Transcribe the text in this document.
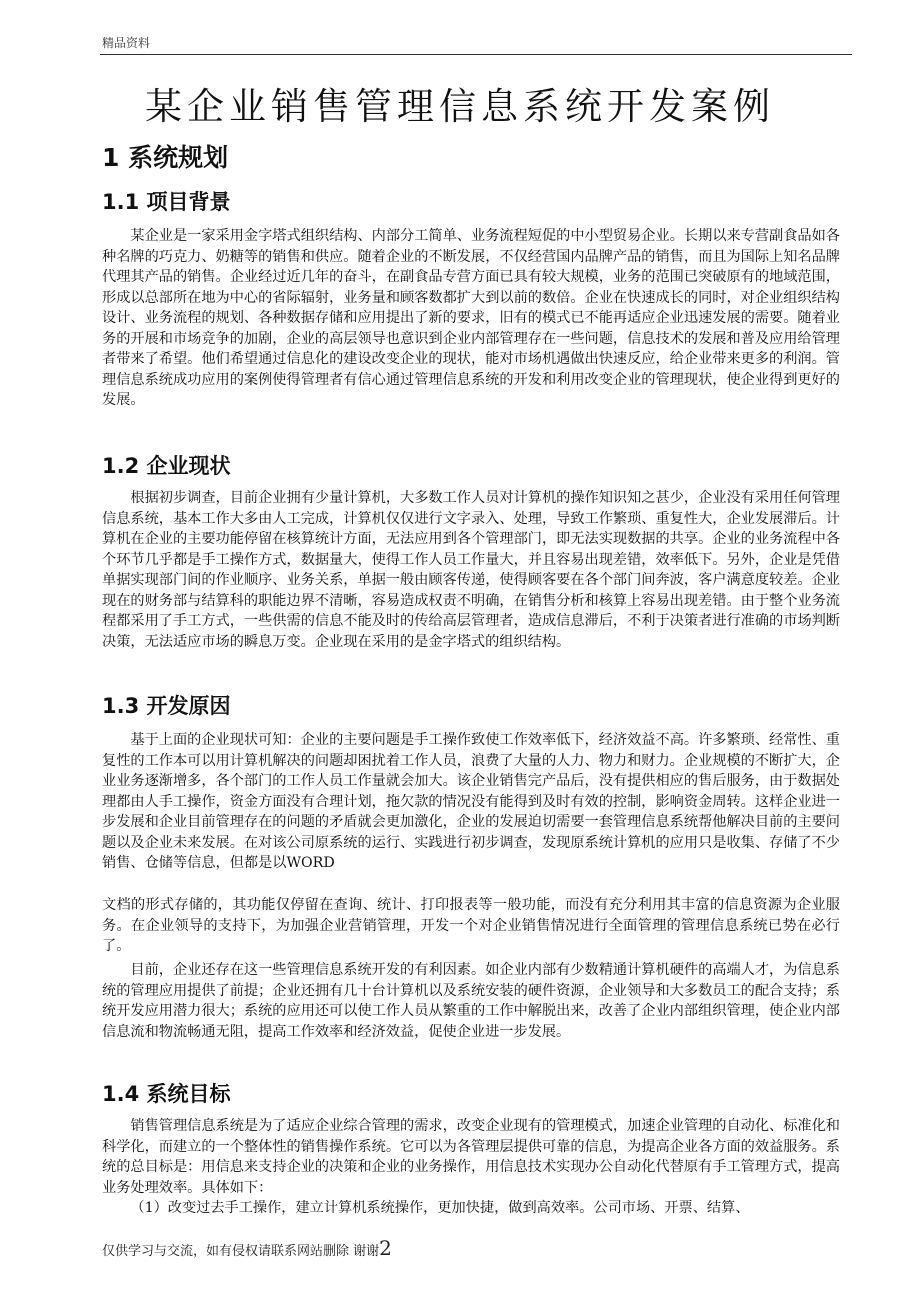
精品资料
某企业销售管理信息系统开发案例
1 系统规划
1.1 项目背景

某企业是一家采用金字塔式组织结构、内部分工简单、业务流程短促的中小型贸易企业。长期以来专营副食品如各种名牌的巧克力、奶糖等的销售和供应。随着企业的不断发展，不仅经营国内品牌产品的销售，而且为国际上知名品牌代理其产品的销售。企业经过近几年的奋斗，在副食品专营方面已具有较大规模，业务的范围已突破原有的地域范围，形成以总部所在地为中心的省际辐射，业务量和顾客数都扩大到以前的数倍。企业在快速成长的同时，对企业组织结构设计、业务流程的规划、各种数据存储和应用提出了新的要求，旧有的模式已不能再适应企业迅速发展的需要。随着业务的开展和市场竞争的加剧，企业的高层领导也意识到企业内部管理存在一些问题，信息技术的发展和普及应用给管理者带来了希望。他们希望通过信息化的建设改变企业的现状，能对市场机遇做出快速反应，给企业带来更多的利润。管理信息系统成功应用的案例使得管理者有信心通过管理信息系统的开发和利用改变企业的管理现状，使企业得到更好的发展。

1.2 企业现状

根据初步调查，目前企业拥有少量计算机，大多数工作人员对计算机的操作知识知之甚少，企业没有采用任何管理信息系统，基本工作大多由人工完成，计算机仅仅进行文字录入、处理，导致工作繁琐、重复性大，企业发展滞后。计算机在企业的主要功能停留在核算统计方面，无法应用到各个管理部门，即无法实现数据的共享。企业的业务流程中各个环节几乎都是手工操作方式，数据量大，使得工作人员工作量大，并且容易出现差错，效率低下。另外，企业是凭借单据实现部门间的作业顺序、业务关系，单据一般由顾客传递，使得顾客要在各个部门间奔波，客户满意度较差。企业现在的财务部与结算科的职能边界不清晰，容易造成权责不明确，在销售分析和核算上容易出现差错。由于整个业务流程都采用了手工方式，一些供需的信息不能及时的传给高层管理者，造成信息滞后，不利于决策者进行准确的市场判断决策，无法适应市场的瞬息万变。企业现在采用的是金字塔式的组织结构。

1.3 开发原因

基于上面的企业现状可知：企业的主要问题是手工操作致使工作效率低下，经济效益不高。许多繁琐、经常性、重复性的工作本可以用计算机解决的问题却困扰着工作人员，浪费了大量的人力、物力和财力。企业规模的不断扩大，企业业务逐渐增多，各个部门的工作人员工作量就会加大。该企业销售完产品后，没有提供相应的售后服务，由于数据处理都由人手工操作，资金方面没有合理计划，拖欠款的情况没有能得到及时有效的控制，影响资金周转。这样企业进一步发展和企业目前管理存在的问题的矛盾就会更加激化，企业的发展迫切需要一套管理信息系统帮他解决目前的主要问题以及企业未来发展。在对该公司原系统的运行、实践进行初步调查，发现原系统计算机的应用只是收集、存储了不少销售、仓储等信息，但都是以WORD

文档的形式存储的，其功能仅停留在查询、统计、打印报表等一般功能，而没有充分利用其丰富的信息资源为企业服务。在企业领导的支持下，为加强企业营销管理，开发一个对企业销售情况进行全面管理的管理信息系统已势在必行了。

目前，企业还存在这一些管理信息系统开发的有利因素。如企业内部有少数精通计算机硬件的高端人才，为信息系统的管理应用提供了前提；企业还拥有几十台计算机以及系统安装的硬件资源，企业领导和大多数员工的配合支持；系统开发应用潜力很大；系统的应用还可以使工作人员从繁重的工作中解脱出来，改善了企业内部组织管理，使企业内部信息流和物流畅通无阻，提高工作效率和经济效益，促使企业进一步发展。

1.4 系统目标

销售管理信息系统是为了适应企业综合管理的需求，改变企业现有的管理模式，加速企业管理的自动化、标准化和科学化，而建立的一个整体性的销售操作系统。它可以为各管理层提供可靠的信息，为提高企业各方面的效益服务。系统的总目标是：用信息来支持企业的决策和企业的业务操作，用信息技术实现办公自动化代替原有手工管理方式，提高业务处理效率。具体如下：

（1）改变过去手工操作，建立计算机系统操作，更加快捷，做到高效率。公司市场、开票、结算、

仅供学习与交流，如有侵权请联系网站删除 谢谢2
